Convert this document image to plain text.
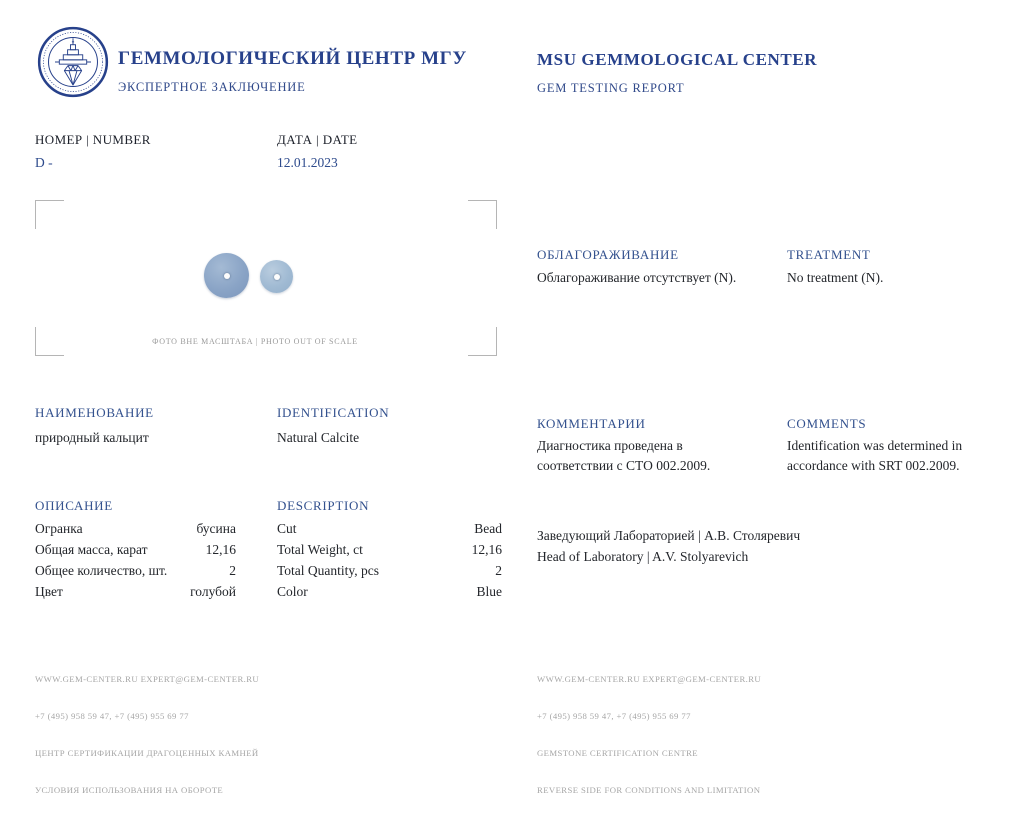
ГЕММОЛОГИЧЕСКИЙ ЦЕНТР МГУ
ЭКСПЕРТНОЕ ЗАКЛЮЧЕНИЕ
MSU GEMMOLOGICAL CENTER
GEM TESTING REPORT
НОМЕР | NUMBER
D -
ДАТА | DATE
12.01.2023
ФОТО ВНЕ МАСШТАБА | PHOTO OUT OF SCALE
ОБЛАГОРАЖИВАНИЕ
Облагораживание отсутствует (N).
TREATMENT
No treatment (N).
НАИМЕНОВАНИЕ
природный кальцит
IDENTIFICATION
Natural Calcite
КОММЕНТАРИИ
Диагностика проведена в соответствии с СТО 002.2009.
COMMENTS
Identification was determined in accordance with SRT 002.2009.
ОПИСАНИЕ	DESCRIPTION
Огранка	бусина
Общая масса, карат	12,16
Общее количество, шт.	2
Цвет	голубой
Cut	Bead
Total Weight, ct	12,16
Total Quantity, pcs	2
Color	Blue
Заведующий Лабораторией | А.В. Столяревич
Head of Laboratory | A.V. Stolyarevich

WWW.GEM-CENTER.RU EXPERT@GEM-CENTER.RU

+7 (495) 958 59 47, +7 (495) 955 69 77

ЦЕНТР СЕРТИФИКАЦИИ ДРАГОЦЕННЫХ КАМНЕЙ

УСЛОВИЯ ИСПОЛЬЗОВАНИЯ НА ОБОРОТЕ

WWW.GEM-CENTER.RU EXPERT@GEM-CENTER.RU

+7 (495) 958 59 47, +7 (495) 955 69 77

GEMSTONE CERTIFICATION CENTRE

REVERSE SIDE FOR CONDITIONS AND LIMITATION
